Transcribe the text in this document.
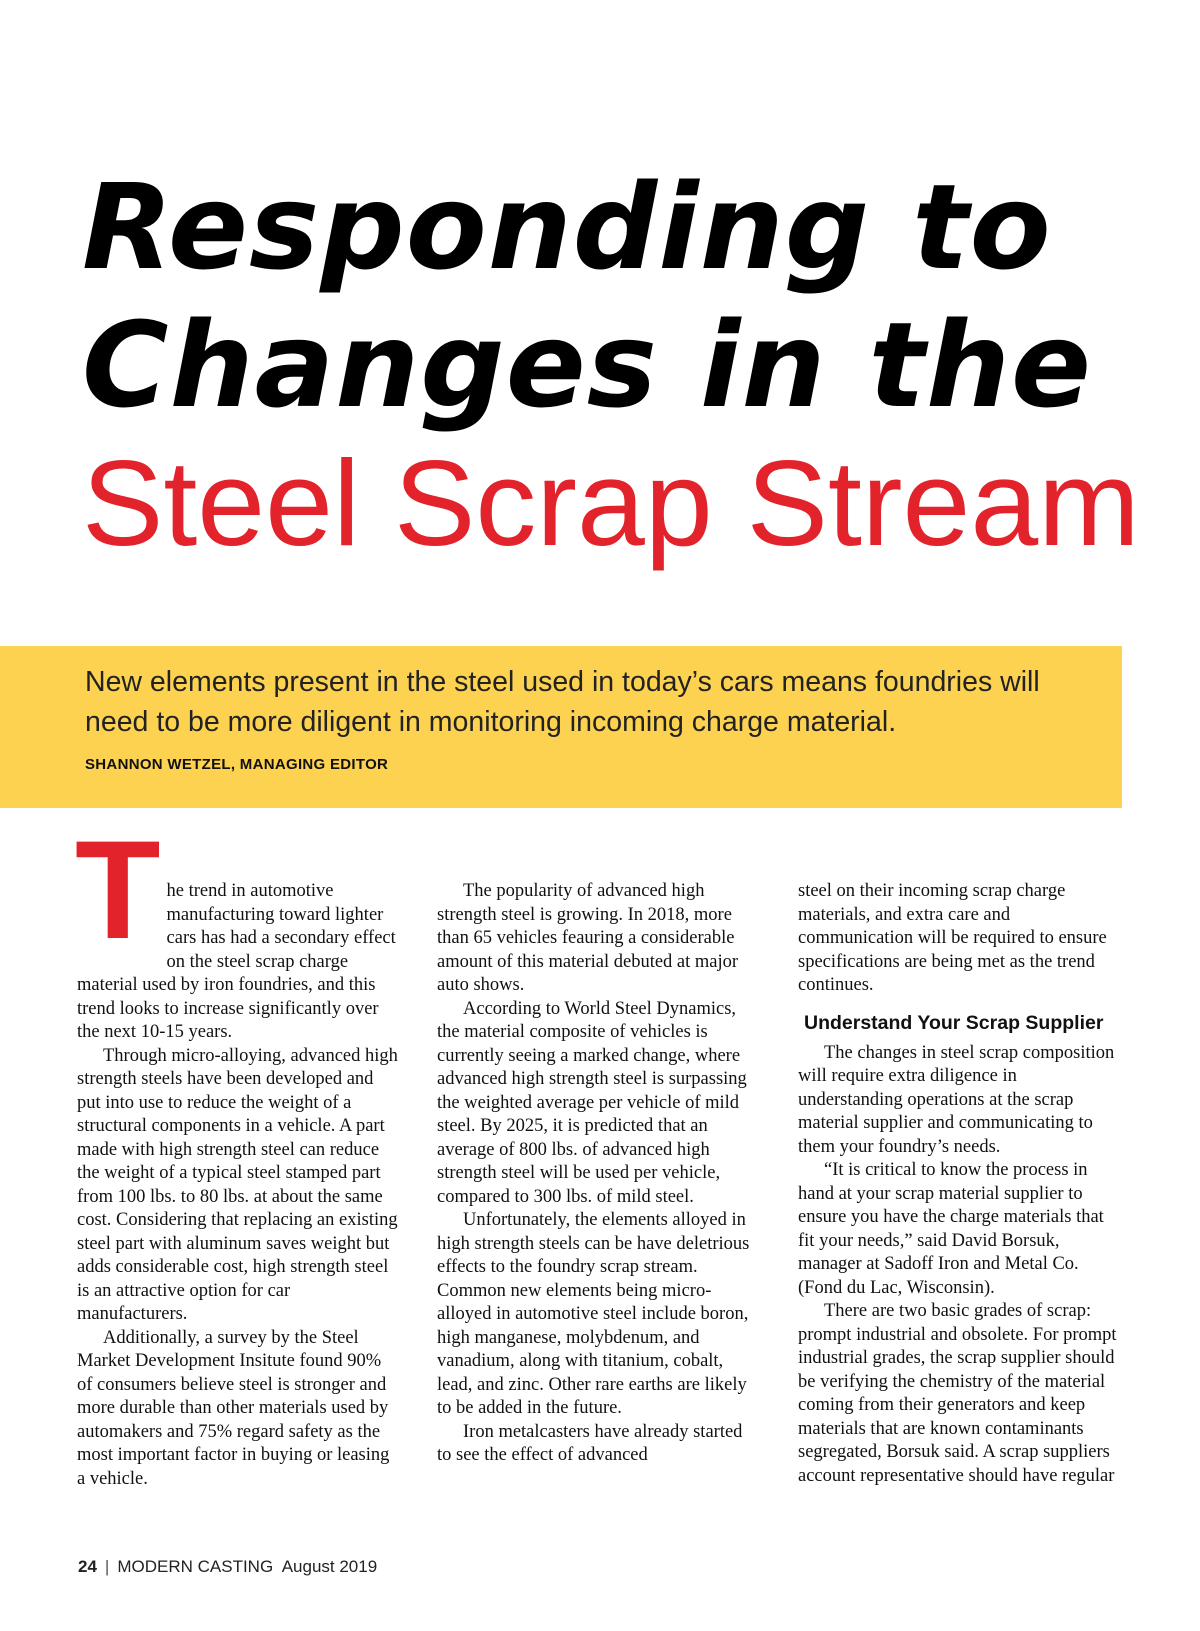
Responding to
Changes in the
Steel Scrap Stream

New elements present in the steel used in today’s cars means foundries will need to be more diligent in monitoring incoming charge material.

SHANNON WETZEL, MANAGING EDITOR

T he trend in automotive manufacturing toward lighter cars has had a secondary effect on the steel scrap charge material used by iron foundries, and this trend looks to increase significantly over the next 10-15 years.

Through micro-alloying, advanced high strength steels have been developed and put into use to reduce the weight of a structural components in a vehicle. A part made with high strength steel can reduce the weight of a typical steel stamped part from 100 lbs. to 80 lbs. at about the same cost. Considering that replacing an existing steel part with aluminum saves weight but adds considerable cost, high strength steel is an attractive option for car manufacturers.

Additionally, a survey by the Steel Market Development Insitute found 90% of consumers believe steel is stronger and more durable than other materials used by automakers and 75% regard safety as the most important factor in buying or leasing a vehicle.

The popularity of advanced high strength steel is growing. In 2018, more than 65 vehicles feauring a considerable amount of this material debuted at major auto shows.

According to World Steel Dynamics, the material composite of vehicles is currently seeing a marked change, where advanced high strength steel is surpassing the weighted average per vehicle of mild steel. By 2025, it is predicted that an average of 800 lbs. of advanced high strength steel will be used per vehicle, compared to 300 lbs. of mild steel.

Unfortunately, the elements alloyed in high strength steels can be have deletrious effects to the foundry scrap stream. Common new elements being micro-alloyed in automotive steel include boron, high manganese, molybdenum, and vanadium, along with titanium, cobalt, lead, and zinc. Other rare earths are likely to be added in the future.

Iron metalcasters have already started to see the effect of advanced

steel on their incoming scrap charge materials, and extra care and communication will be required to ensure specifications are being met as the trend continues.

Understand Your Scrap Supplier

The changes in steel scrap composition will require extra diligence in understanding operations at the scrap material supplier and communicating to them your foundry’s needs.

“It is critical to know the process in hand at your scrap material supplier to ensure you have the charge materials that fit your needs,” said David Borsuk, manager at Sadoff Iron and Metal Co. (Fond du Lac, Wisconsin).

There are two basic grades of scrap: prompt industrial and obsolete. For prompt industrial grades, the scrap supplier should be verifying the chemistry of the material coming from their generators and keep materials that are known contaminants segregated, Borsuk said. A scrap suppliers account representative should have regular

24 | MODERN CASTING August 2019
